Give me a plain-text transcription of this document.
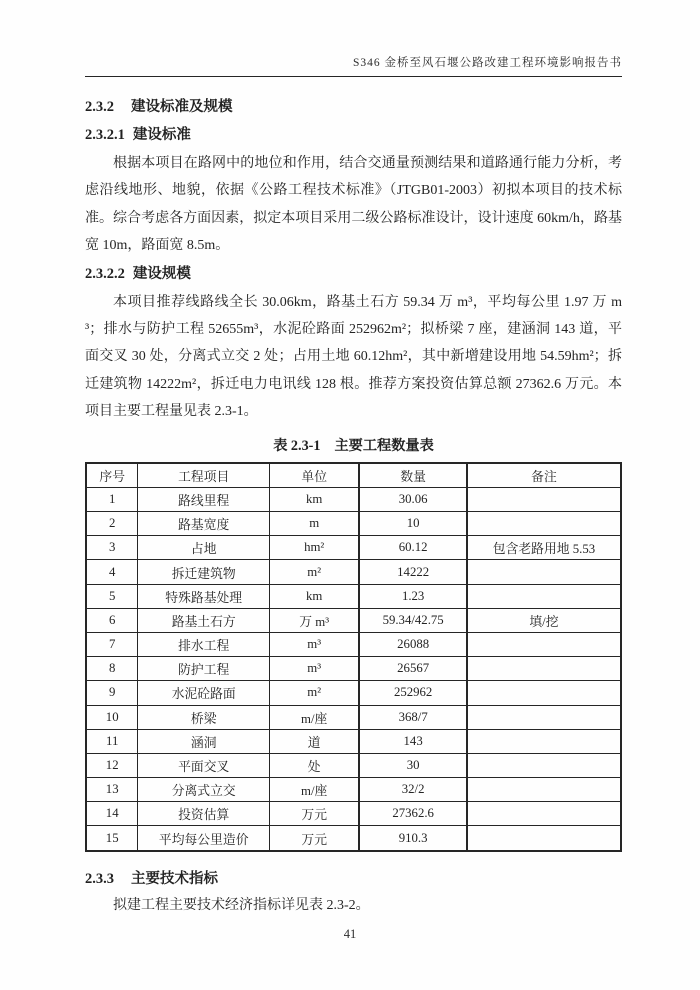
S346 金桥至风石堰公路改建工程环境影响报告书
2.3.2 建设标准及规模
2.3.2.1 建设标准

根据本项目在路网中的地位和作用，结合交通量预测结果和道路通行能力分析，考虑沿线地形、地貌，依据《公路工程技术标准》（JTGB01-2003）初拟本项目的技术标准。综合考虑各方面因素，拟定本项目采用二级公路标准设计，设计速度 60km/h，路基宽 10m，路面宽 8.5m。

2.3.2.2 建设规模

本项目推荐线路线全长 30.06km，路基土石方 59.34 万 m³，平均每公里 1.97 万 m³；排水与防护工程 52655m³，水泥砼路面 252962m²；拟桥梁 7 座，建涵洞 143 道，平面交叉 30 处，分离式立交 2 处；占用土地 60.12hm²，其中新增建设用地 54.59hm²；拆迁建筑物 14222m²，拆迁电力电讯线 128 根。推荐方案投资估算总额 27362.6 万元。本项目主要工程量见表 2.3-1。

表 2.3-1 主要工程数量表
序号	工程项目	单位	数量	备注
1	路线里程	km	30.06	
2	路基宽度	m	10	
3	占地	hm²	60.12	包含老路用地 5.53
4	拆迁建筑物	m²	14222	
5	特殊路基处理	km	1.23	
6	路基土石方	万 m³	59.34/42.75	填/挖
7	排水工程	m³	26088	
8	防护工程	m³	26567	
9	水泥砼路面	m²	252962	
10	桥梁	m/座	368/7	
11	涵洞	道	143	
12	平面交叉	处	30	
13	分离式立交	m/座	32/2	
14	投资估算	万元	27362.6	
15	平均每公里造价	万元	910.3	
2.3.3 主要技术指标

拟建工程主要技术经济指标详见表 2.3-2。

41
